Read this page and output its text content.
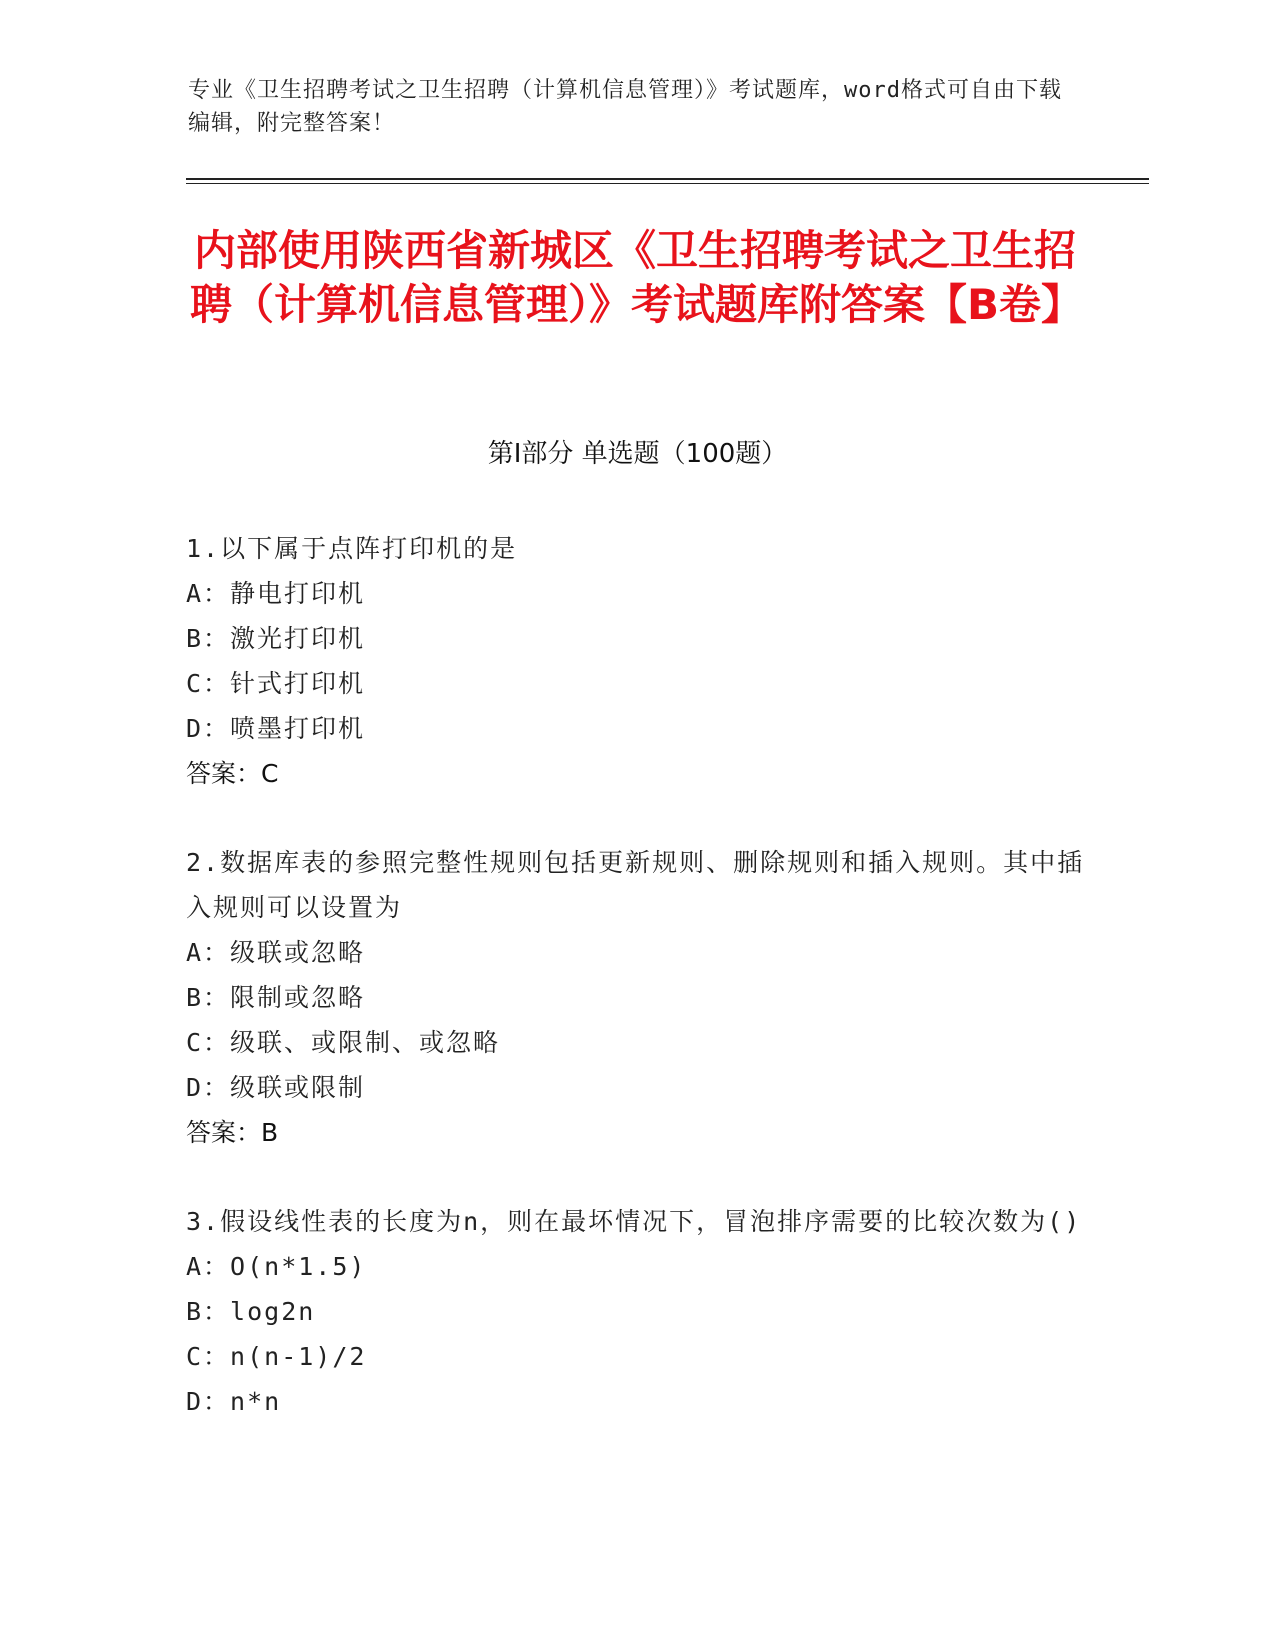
专业《卫生招聘考试之卫生招聘（计算机信息管理）》考试题库，word格式可自由下载编辑，附完整答案！
内部使用陕西省新城区《卫生招聘考试之卫生招聘（计算机信息管理）》考试题库附答案【B卷】
第I部分 单选题（100题）
1.以下属于点阵打印机的是
A：静电打印机
B：激光打印机
C：针式打印机
D：喷墨打印机
答案：C
2.数据库表的参照完整性规则包括更新规则、删除规则和插入规则。其中插入规则可以设置为
A：级联或忽略
B：限制或忽略
C：级联、或限制、或忽略
D：级联或限制
答案：B
3.假设线性表的长度为n，则在最坏情况下，冒泡排序需要的比较次数为()
A：O(n*1.5)
B：log2n
C：n(n-1)/2
D：n*n
